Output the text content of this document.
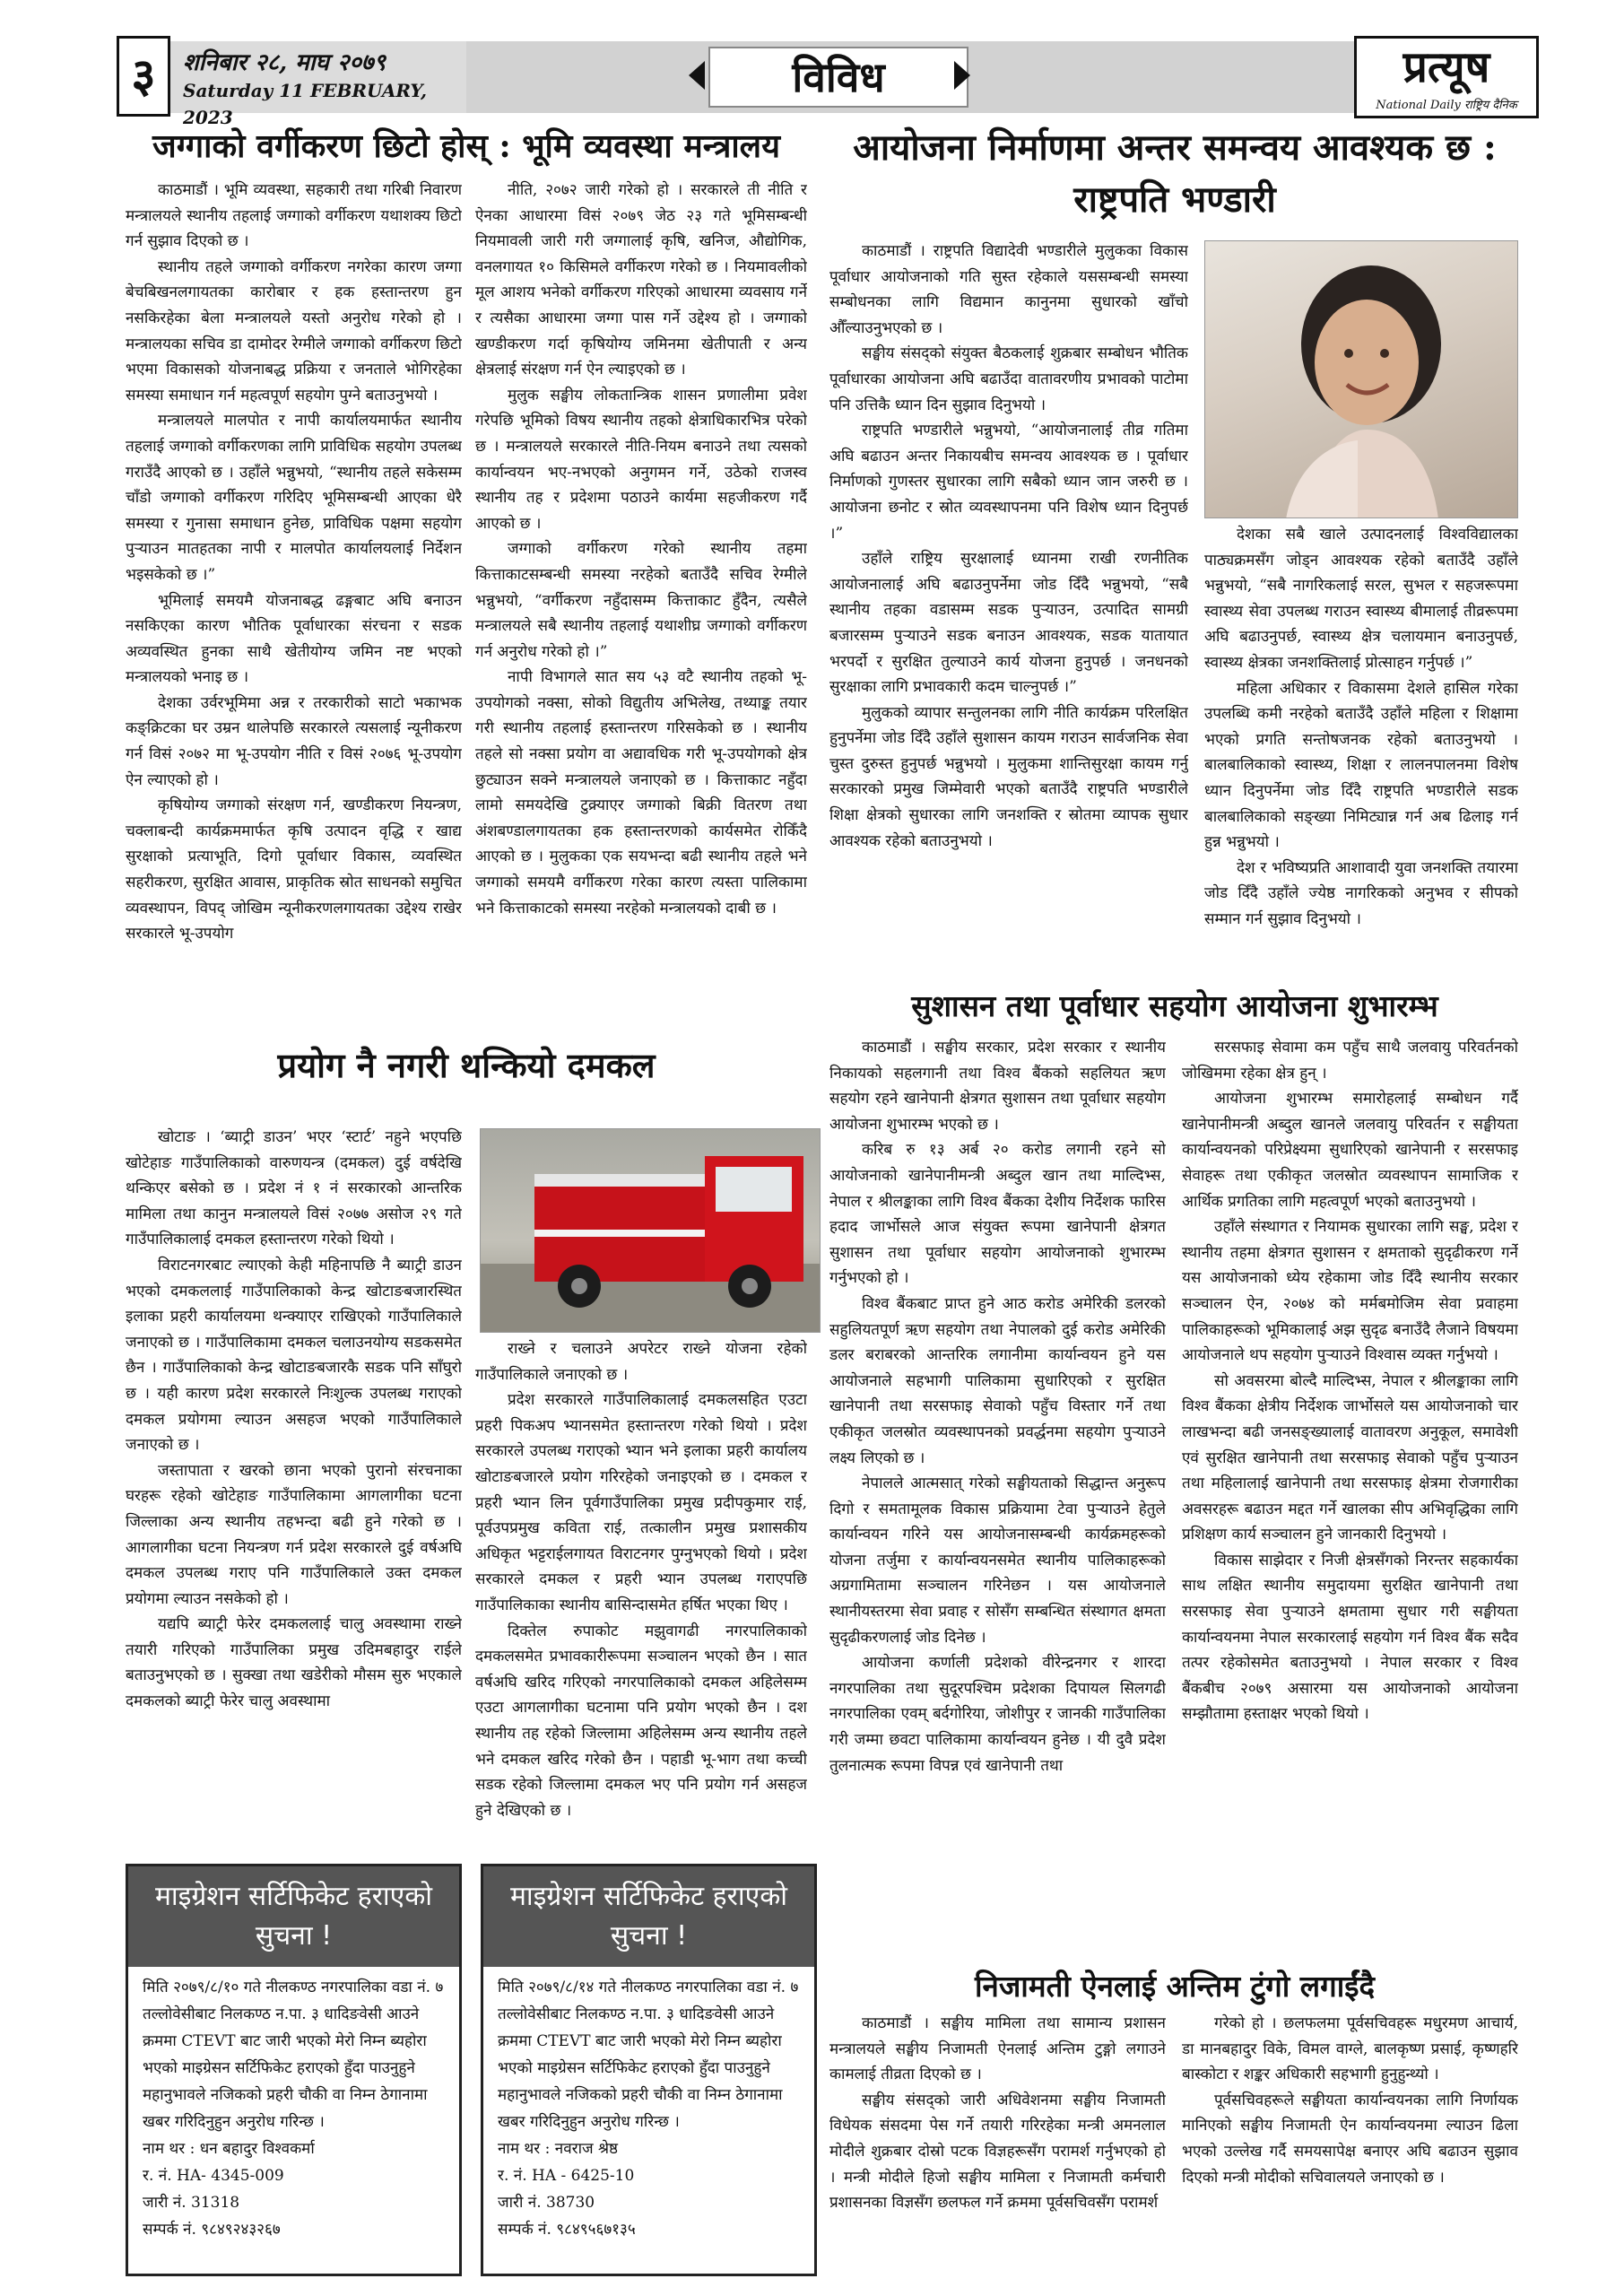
३	शनिबार २८, माघ २०७९
Saturday 11 FEBRUARY, 2023
विविध	प्रत्यूष
National Daily राष्ट्रिय दैनिक
जग्गाको वर्गीकरण छिटो होस् : भूमि व्यवस्था मन्त्रालय

काठमाडौं । भूमि व्यवस्था, सहकारी तथा गरिबी निवारण मन्त्रालयले स्थानीय तहलाई जग्गाको वर्गीकरण यथाशक्य छिटो गर्न सुझाव दिएको छ ।

स्थानीय तहले जग्गाको वर्गीकरण नगरेका कारण जग्गा बेचबिखनलगायतका कारोबार र हक हस्तान्तरण हुन नसकिरहेका बेला मन्त्रालयले यस्तो अनुरोध गरेको हो । मन्त्रालयका सचिव डा दामोदर रेग्मीले जग्गाको वर्गीकरण छिटो भएमा विकासको योजनाबद्ध प्रक्रिया र जनताले भोगिरहेका समस्या समाधान गर्न महत्वपूर्ण सहयोग पुग्ने बताउनुभयो ।

मन्त्रालयले मालपोत र नापी कार्यालयमार्फत स्थानीय तहलाई जग्गाको वर्गीकरणका लागि प्राविधिक सहयोग उपलब्ध गराउँदै आएको छ । उहाँले भन्नुभयो, “स्थानीय तहले सकेसम्म चाँडो जग्गाको वर्गीकरण गरिदिए भूमिसम्बन्धी आएका धेरै समस्या र गुनासा समाधान हुनेछ, प्राविधिक पक्षमा सहयोग पुऱ्याउन मातहतका नापी र मालपोत कार्यालयलाई निर्देशन भइसकेको छ ।”

भूमिलाई समयमै योजनाबद्ध ढङ्गबाट अघि बनाउन नसकिएका कारण भौतिक पूर्वाधारका संरचना र सडक अव्यवस्थित हुनका साथै खेतीयोग्य जमिन नष्ट भएको मन्त्रालयको भनाइ छ ।

देशका उर्वरभूमिमा अन्न र तरकारीको साटो भकाभक कङ्क्रिटका घर उम्रन थालेपछि सरकारले त्यसलाई न्यूनीकरण गर्न विसं २०७२ मा भू-उपयोग नीति र विसं २०७६ भू-उपयोग ऐन ल्याएको हो ।

कृषियोग्य जग्गाको संरक्षण गर्न, खण्डीकरण नियन्त्रण, चक्लाबन्दी कार्यक्रममार्फत कृषि उत्पादन वृद्धि र खाद्य सुरक्षाको प्रत्याभूति, दिगो पूर्वाधार विकास, व्यवस्थित सहरीकरण, सुरक्षित आवास, प्राकृतिक स्रोत साधनको समुचित व्यवस्थापन, विपद् जोखिम न्यूनीकरणलगायतका उद्देश्य राखेर सरकारले भू-उपयोग

नीति, २०७२ जारी गरेको हो । सरकारले ती नीति र ऐनका आधारमा विसं २०७९ जेठ २३ गते भूमिसम्बन्धी नियमावली जारी गरी जग्गालाई कृषि, खनिज, औद्योगिक, वनलगायत १० किसिमले वर्गीकरण गरेको छ । नियमावलीको मूल आशय भनेको वर्गीकरण गरिएको आधारमा व्यवसाय गर्ने र त्यसैका आधारमा जग्गा पास गर्ने उद्देश्य हो । जग्गाको खण्डीकरण गर्दा कृषियोग्य जमिनमा खेतीपाती र अन्य क्षेत्रलाई संरक्षण गर्न ऐन ल्याइएको छ ।

मुलुक सङ्घीय लोकतान्त्रिक शासन प्रणालीमा प्रवेश गरेपछि भूमिको विषय स्थानीय तहको क्षेत्राधिकारभित्र परेको छ । मन्त्रालयले सरकारले नीति-नियम बनाउने तथा त्यसको कार्यान्वयन भए-नभएको अनुगमन गर्ने, उठेको राजस्व स्थानीय तह र प्रदेशमा पठाउने कार्यमा सहजीकरण गर्दै आएको छ ।

जग्गाको वर्गीकरण गरेको स्थानीय तहमा कित्ताकाटसम्बन्धी समस्या नरहेको बताउँदै सचिव रेग्मीले भन्नुभयो, “वर्गीकरण नहुँदासम्म कित्ताकाट हुँदैन, त्यसैले मन्त्रालयले सबै स्थानीय तहलाई यथाशीघ्र जग्गाको वर्गीकरण गर्न अनुरोध गरेको हो ।”

नापी विभागले सात सय ५३ वटै स्थानीय तहको भू-उपयोगको नक्सा, सोको विद्युतीय अभिलेख, तथ्याङ्क तयार गरी स्थानीय तहलाई हस्तान्तरण गरिसकेको छ । स्थानीय तहले सो नक्सा प्रयोग वा अद्यावधिक गरी भू-उपयोगको क्षेत्र छुट्याउन सक्ने मन्त्रालयले जनाएको छ । कित्ताकाट नहुँदा लामो समयदेखि टुक्र्याएर जग्गाको बिक्री वितरण तथा अंशबण्डालगायतका हक हस्तान्तरणको कार्यसमेत रोकिँदै आएको छ । मुलुकका एक सयभन्दा बढी स्थानीय तहले भने जग्गाको समयमै वर्गीकरण गरेका कारण त्यस्ता पालिकामा भने कित्ताकाटको समस्या नरहेको मन्त्रालयको दाबी छ ।

आयोजना निर्माणमा अन्तर समन्वय आवश्यक छ :
राष्ट्रपति भण्डारी

काठमाडौं । राष्ट्रपति विद्यादेवी भण्डारीले मुलुकका विकास पूर्वाधार आयोजनाको गति सुस्त रहेकाले यससम्बन्धी समस्या सम्बोधनका लागि विद्यमान कानुनमा सुधारको खाँचो औँल्याउनुभएको छ ।

सङ्घीय संसद्को संयुक्त बैठकलाई शुक्रबार सम्बोधन भौतिक पूर्वाधारका आयोजना अघि बढाउँदा वातावरणीय प्रभावको पाटोमा पनि उत्तिकै ध्यान दिन सुझाव दिनुभयो ।

राष्ट्रपति भण्डारीले भन्नुभयो, “आयोजनालाई तीव्र गतिमा अघि बढाउन अन्तर निकायबीच समन्वय आवश्यक छ । पूर्वाधार निर्माणको गुणस्तर सुधारका लागि सबैको ध्यान जान जरुरी छ । आयोजना छनोट र स्रोत व्यवस्थापनमा पनि विशेष ध्यान दिनुपर्छ ।”

उहाँले राष्ट्रिय सुरक्षालाई ध्यानमा राखी रणनीतिक आयोजनालाई अघि बढाउनुपर्नेमा जोड दिँदै भन्नुभयो, “सबै स्थानीय तहका वडासम्म सडक पुऱ्याउन, उत्पादित सामग्री बजारसम्म पुऱ्याउने सडक बनाउन आवश्यक, सडक यातायात भरपर्दो र सुरक्षित तुल्याउने कार्य योजना हुनुपर्छ । जनधनको सुरक्षाका लागि प्रभावकारी कदम चाल्नुपर्छ ।”

मुलुकको व्यापार सन्तुलनका लागि नीति कार्यक्रम परिलक्षित हुनुपर्नेमा जोड दिँदै उहाँले सुशासन कायम गराउन सार्वजनिक सेवा चुस्त दुरुस्त हुनुपर्छ भन्नुभयो । मुलुकमा शान्तिसुरक्षा कायम गर्नु सरकारको प्रमुख जिम्मेवारी भएको बताउँदै राष्ट्रपति भण्डारीले शिक्षा क्षेत्रको सुधारका लागि जनशक्ति र स्रोतमा व्यापक सुधार आवश्यक रहेको बताउनुभयो ।

देशका सबै खाले उत्पादनलाई विश्वविद्यालका पाठ्यक्रमसँग जोड्न आवश्यक रहेको बताउँदै उहाँले भन्नुभयो, “सबै नागरिकलाई सरल, सुभल र सहजरूपमा स्वास्थ्य सेवा उपलब्ध गराउन स्वास्थ्य बीमालाई तीव्ररूपमा अघि बढाउनुपर्छ, स्वास्थ्य क्षेत्र चलायमान बनाउनुपर्छ, स्वास्थ्य क्षेत्रका जनशक्तिलाई प्रोत्साहन गर्नुपर्छ ।”

महिला अधिकार र विकासमा देशले हासिल गरेका उपलब्धि कमी नरहेको बताउँदै उहाँले महिला र शिक्षामा भएको प्रगति सन्तोषजनक रहेको बताउनुभयो । बालबालिकाको स्वास्थ्य, शिक्षा र लालनपालनमा विशेष ध्यान दिनुपर्नेमा जोड दिँदै राष्ट्रपति भण्डारीले सडक बालबालिकाको सङ्ख्या निमिट्यान्न गर्न अब ढिलाइ गर्न हुन्न भन्नुभयो ।

देश र भविष्यप्रति आशावादी युवा जनशक्ति तयारमा जोड दिँदै उहाँले ज्येष्ठ नागरिकको अनुभव र सीपको सम्मान गर्न सुझाव दिनुभयो ।

प्रयोग नै नगरी थन्कियो दमकल

खोटाङ । ‘ब्याट्री डाउन’ भएर ‘स्टार्ट’ नहुने भएपछि खोटेहाङ गाउँपालिकाको वारुणयन्त्र (दमकल) दुई वर्षदेखि थन्किएर बसेको छ । प्रदेश नं १ नं सरकारको आन्तरिक मामिला तथा कानुन मन्त्रालयले विसं २०७७ असोज २९ गते गाउँपालिकालाई दमकल हस्तान्तरण गरेको थियो ।

विराटनगरबाट ल्याएको केही महिनापछि नै ब्याट्री डाउन भएको दमकललाई गाउँपालिकाको केन्द्र खोटाङबजारस्थित इलाका प्रहरी कार्यालयमा थन्क्याएर राखिएको गाउँपालिकाले जनाएको छ । गाउँपालिकामा दमकल चलाउनयोग्य सडकसमेत छैन । गाउँपालिकाको केन्द्र खोटाङबजारकै सडक पनि साँघुरो छ । यही कारण प्रदेश सरकारले निःशुल्क उपलब्ध गराएको दमकल प्रयोगमा ल्याउन असहज भएको गाउँपालिकाले जनाएको छ ।

जस्तापाता र खरको छाना भएको पुरानो संरचनाका घरहरू रहेको खोटेहाङ गाउँपालिकामा आगलागीका घटना जिल्लाका अन्य स्थानीय तहभन्दा बढी हुने गरेको छ । आगलागीका घटना नियन्त्रण गर्न प्रदेश सरकारले दुई वर्षअघि दमकल उपलब्ध गराए पनि गाउँपालिकाले उक्त दमकल प्रयोगमा ल्याउन नसकेको हो ।

यद्यपि ब्याट्री फेरेर दमकललाई चालु अवस्थामा राख्ने तयारी गरिएको गाउँपालिका प्रमुख उदिमबहादुर राईले बताउनुभएको छ । सुक्खा तथा खडेरीको मौसम सुरु भएकाले दमकलको ब्याट्री फेरेर चालु अवस्थामा

राख्ने र चलाउने अपरेटर राख्ने योजना रहेको गाउँपालिकाले जनाएको छ ।

प्रदेश सरकारले गाउँपालिकालाई दमकलसहित एउटा प्रहरी पिकअप भ्यानसमेत हस्तान्तरण गरेको थियो । प्रदेश सरकारले उपलब्ध गराएको भ्यान भने इलाका प्रहरी कार्यालय खोटाङबजारले प्रयोग गरिरहेको जनाइएको छ । दमकल र प्रहरी भ्यान लिन पूर्वगाउँपालिका प्रमुख प्रदीपकुमार राई, पूर्वउपप्रमुख कविता राई, तत्कालीन प्रमुख प्रशासकीय अधिकृत भट्टराईलगायत विराटनगर पुग्नुभएको थियो । प्रदेश सरकारले दमकल र प्रहरी भ्यान उपलब्ध गराएपछि गाउँपालिकाका स्थानीय बासिन्दासमेत हर्षित भएका थिए ।

दिक्तेल रुपाकोट मझुवागढी नगरपालिकाको दमकलसमेत प्रभावकारीरूपमा सञ्चालन भएको छैन । सात वर्षअघि खरिद गरिएको नगरपालिकाको दमकल अहिलेसम्म एउटा आगलागीका घटनामा पनि प्रयोग भएको छैन । दश स्थानीय तह रहेको जिल्लामा अहिलेसम्म अन्य स्थानीय तहले भने दमकल खरिद गरेको छैन । पहाडी भू-भाग तथा कच्ची सडक रहेको जिल्लामा दमकल भए पनि प्रयोग गर्न असहज हुने देखिएको छ ।

सुशासन तथा पूर्वाधार सहयोग आयोजना शुभारम्भ

काठमाडौं । सङ्घीय सरकार, प्रदेश सरकार र स्थानीय निकायको सहलगानी तथा विश्व बैंकको सहलियत ऋण सहयोग रहने खानेपानी क्षेत्रगत सुशासन तथा पूर्वाधार सहयोग आयोजना शुभारम्भ भएको छ ।

करिब रु १३ अर्ब २० करोड लगानी रहने सो आयोजनाको खानेपानीमन्त्री अब्दुल खान तथा माल्दिभ्स, नेपाल र श्रीलङ्काका लागि विश्व बैंकका देशीय निर्देशक फारिस हदाद जार्भोसले आज संयुक्त रूपमा खानेपानी क्षेत्रगत सुशासन तथा पूर्वाधार सहयोग आयोजनाको शुभारम्भ गर्नुभएको हो ।

विश्व बैंकबाट प्राप्त हुने आठ करोड अमेरिकी डलरको सहुलियतपूर्ण ऋण सहयोग तथा नेपालको दुई करोड अमेरिकी डलर बराबरको आन्तरिक लगानीमा कार्यान्वयन हुने यस आयोजनाले सहभागी पालिकामा सुधारिएको र सुरक्षित खानेपानी तथा सरसफाइ सेवाको पहुँच विस्तार गर्ने तथा एकीकृत जलस्रोत व्यवस्थापनको प्रवर्द्धनमा सहयोग पुऱ्याउने लक्ष्य लिएको छ ।

नेपालले आत्मसात् गरेको सङ्घीयताको सिद्धान्त अनुरूप दिगो र समतामूलक विकास प्रक्रियामा टेवा पुऱ्याउने हेतुले कार्यान्वयन गरिने यस आयोजनासम्बन्धी कार्यक्रमहरूको योजना तर्जुमा र कार्यान्वयनसमेत स्थानीय पालिकाहरूको अग्रगामितामा सञ्चालन गरिनेछन । यस आयोजनाले स्थानीयस्तरमा सेवा प्रवाह र सोसँग सम्बन्धित संस्थागत क्षमता सुदृढीकरणलाई जोड दिनेछ ।

आयोजना कर्णाली प्रदेशको वीरेन्द्रनगर र शारदा नगरपालिका तथा सुदूरपश्चिम प्रदेशका दिपायल सिलगढी नगरपालिका एवम् बर्दगोरिया, जोशीपुर र जानकी गाउँपालिका गरी जम्मा छवटा पालिकामा कार्यान्वयन हुनेछ । यी दुवै प्रदेश तुलनात्मक रूपमा विपन्न एवं खानेपानी तथा

सरसफाइ सेवामा कम पहुँच साथै जलवायु परिवर्तनको जोखिममा रहेका क्षेत्र हुन् ।

आयोजना शुभारम्भ समारोहलाई सम्बोधन गर्दै खानेपानीमन्त्री अब्दुल खानले जलवायु परिवर्तन र सङ्घीयता कार्यान्वयनको परिप्रेक्ष्यमा सुधारिएको खानेपानी र सरसफाइ सेवाहरू तथा एकीकृत जलस्रोत व्यवस्थापन सामाजिक र आर्थिक प्रगतिका लागि महत्वपूर्ण भएको बताउनुभयो ।

उहाँले संस्थागत र नियामक सुधारका लागि सङ्घ, प्रदेश र स्थानीय तहमा क्षेत्रगत सुशासन र क्षमताको सुदृढीकरण गर्ने यस आयोजनाको ध्येय रहेकामा जोड दिँदै स्थानीय सरकार सञ्चालन ऐन, २०७४ को मर्मबमोजिम सेवा प्रवाहमा पालिकाहरूको भूमिकालाई अझ सुदृढ बनाउँदै लैजाने विषयमा आयोजनाले थप सहयोग पुऱ्याउने विश्वास व्यक्त गर्नुभयो ।

सो अवसरमा बोल्दै माल्दिभ्स, नेपाल र श्रीलङ्काका लागि विश्व बैंकका क्षेत्रीय निर्देशक जार्भोसले यस आयोजनाको चार लाखभन्दा बढी जनसङ्ख्यालाई वातावरण अनुकूल, समावेशी एवं सुरक्षित खानेपानी तथा सरसफाइ सेवाको पहुँच पुऱ्याउन तथा महिलालाई खानेपानी तथा सरसफाइ क्षेत्रमा रोजगारीका अवसरहरू बढाउन मद्दत गर्ने खालका सीप अभिवृद्धिका लागि प्रशिक्षण कार्य सञ्चालन हुने जानकारी दिनुभयो ।

विकास साझेदार र निजी क्षेत्रसँगको निरन्तर सहकार्यका साथ लक्षित स्थानीय समुदायमा सुरक्षित खानेपानी तथा सरसफाइ सेवा पुऱ्याउने क्षमतामा सुधार गरी सङ्घीयता कार्यान्वयनमा नेपाल सरकारलाई सहयोग गर्न विश्व बैंक सदैव तत्पर रहेकोसमेत बताउनुभयो । नेपाल सरकार र विश्व बैंकबीच २०७९ असारमा यस आयोजनाको आयोजना सम्झौतामा हस्ताक्षर भएको थियो ।

निजामती ऐनलाई अन्तिम टुंगो लगाईंदै

काठमाडौं । सङ्घीय मामिला तथा सामान्य प्रशासन मन्त्रालयले सङ्घीय निजामती ऐनलाई अन्तिम टुङ्गो लगाउने कामलाई तीव्रता दिएको छ ।

सङ्घीय संसद्को जारी अधिवेशनमा सङ्घीय निजामती विधेयक संसदमा पेस गर्ने तयारी गरिरहेका मन्त्री अमनलाल मोदीले शुक्रबार दोस्रो पटक विज्ञहरूसँग परामर्श गर्नुभएको हो । मन्त्री मोदीले हिजो सङ्घीय मामिला र निजामती कर्मचारी प्रशासनका विज्ञसँग छलफल गर्ने क्रममा पूर्वसचिवसँग परामर्श

गरेको हो । छलफलमा पूर्वसचिवहरू मधुरमण आचार्य, डा मानबहादुर विके, विमल वाग्ले, बालकृष्ण प्रसाई, कृष्णहरि बास्कोटा र शङ्कर अधिकारी सहभागी हुनुहुन्थ्यो ।

पूर्वसचिवहरूले सङ्घीयता कार्यान्वयनका लागि निर्णायक मानिएको सङ्घीय निजामती ऐन कार्यान्वयनमा ल्याउन ढिला भएको उल्लेख गर्दै समयसापेक्ष बनाएर अघि बढाउन सुझाव दिएको मन्त्री मोदीको सचिवालयले जनाएको छ ।

माइग्रेशन सर्टिफिकेट हराएको सुचना !
मिति २०७९/८/१० गते नीलकण्ठ नगरपालिका वडा नं. ७ तल्लोवेसीबाट निलकण्ठ न.पा. ३ धादिङवेसी आउने क्रममा CTEVT बाट जारी भएको मेरो निम्न ब्यहोरा भएको माइग्रेसन सर्टिफिकेट हराएको हुँदा पाउनुहुने महानुभावले नजिकको प्रहरी चौकी वा निम्न ठेगानामा खबर गरिदिनुहुन अनुरोध गरिन्छ ।
नाम थर : धन बहादुर विश्वकर्मा
र. नं. HA- 4345-009
जारी नं. 31318
सम्पर्क नं. ९८४९२४३२६७
माइग्रेशन सर्टिफिकेट हराएको सुचना !
मिति २०७९/८/१४ गते नीलकण्ठ नगरपालिका वडा नं. ७ तल्लोवेसीबाट निलकण्ठ न.पा. ३ धादिङवेसी आउने क्रममा CTEVT बाट जारी भएको मेरो निम्न ब्यहोरा भएको माइग्रेसन सर्टिफिकेट हराएको हुँदा पाउनुहुने महानुभावले नजिकको प्रहरी चौकी वा निम्न ठेगानामा खबर गरिदिनुहुन अनुरोध गरिन्छ ।
नाम थर : नवराज श्रेष्ठ
र. नं. HA - 6425-10
जारी नं. 38730
सम्पर्क नं. ९८४९५६७१३५
